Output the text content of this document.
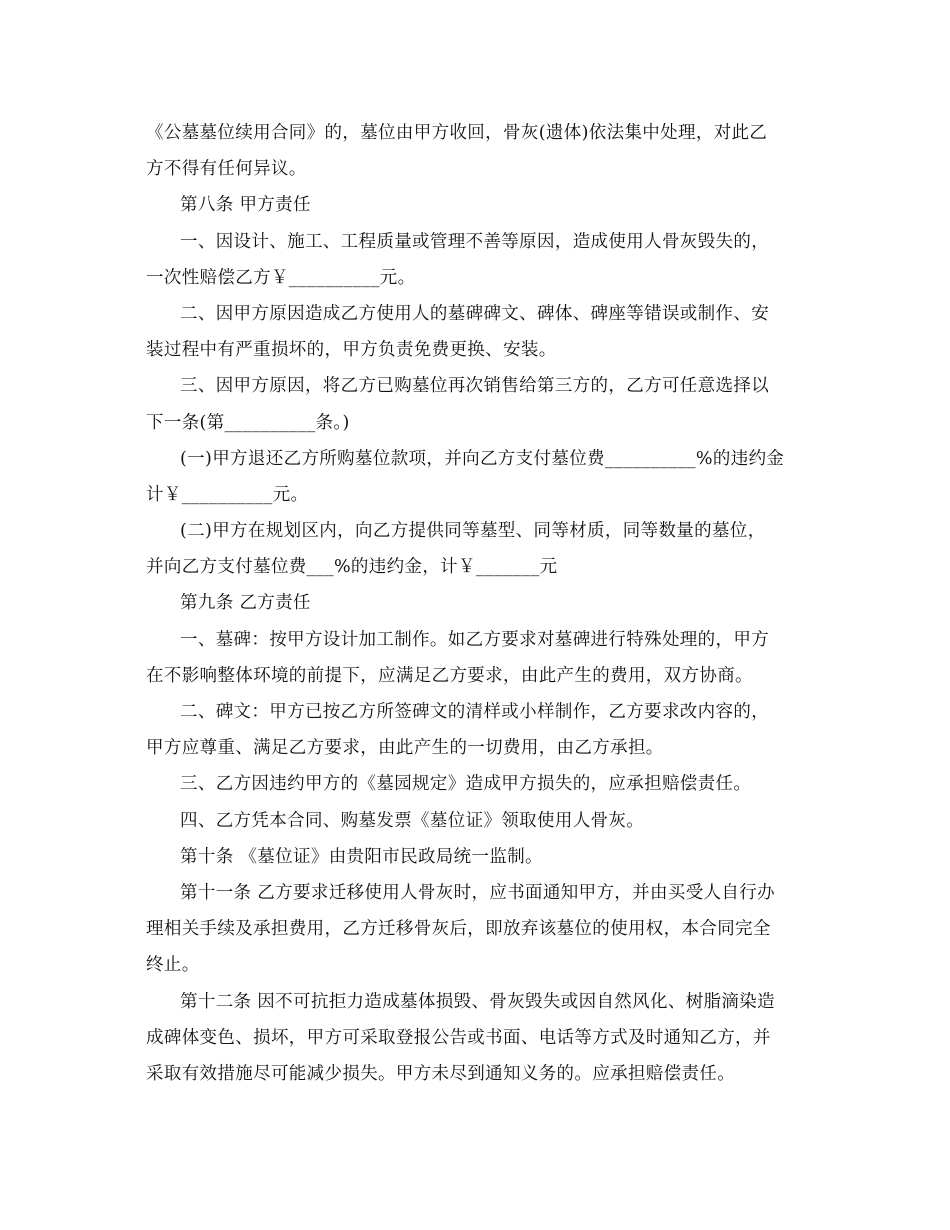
《公墓墓位续用合同》的，墓位由甲方收回，骨灰(遗体)依法集中处理，对此乙
方不得有任何异议。
第八条 甲方责任
一、因设计、施工、工程质量或管理不善等原因，造成使用人骨灰毁失的，
一次性赔偿乙方￥__________元。
二、因甲方原因造成乙方使用人的墓碑碑文、碑体、碑座等错误或制作、安
装过程中有严重损坏的，甲方负责免费更换、安装。
三、因甲方原因，将乙方已购墓位再次销售给第三方的，乙方可任意选择以
下一条(第__________条。)
(一)甲方退还乙方所购墓位款项，并向乙方支付墓位费__________%的违约金
计￥__________元。
(二)甲方在规划区内，向乙方提供同等墓型、同等材质，同等数量的墓位，
并向乙方支付墓位费___%的违约金，计￥_______元
第九条 乙方责任
一、墓碑：按甲方设计加工制作。如乙方要求对墓碑进行特殊处理的，甲方
在不影响整体环境的前提下，应满足乙方要求，由此产生的费用，双方协商。
二、碑文：甲方已按乙方所签碑文的清样或小样制作，乙方要求改内容的，
甲方应尊重、满足乙方要求，由此产生的一切费用，由乙方承担。
三、乙方因违约甲方的《墓园规定》造成甲方损失的，应承担赔偿责任。
四、乙方凭本合同、购墓发票《墓位证》领取使用人骨灰。
第十条 《墓位证》由贵阳市民政局统一监制。
第十一条 乙方要求迁移使用人骨灰时，应书面通知甲方，并由买受人自行办
理相关手续及承担费用，乙方迁移骨灰后，即放弃该墓位的使用权，本合同完全
终止。
第十二条 因不可抗拒力造成墓体损毁、骨灰毁失或因自然风化、树脂滴染造
成碑体变色、损坏，甲方可采取登报公告或书面、电话等方式及时通知乙方，并
采取有效措施尽可能减少损失。甲方未尽到通知义务的。应承担赔偿责任。
